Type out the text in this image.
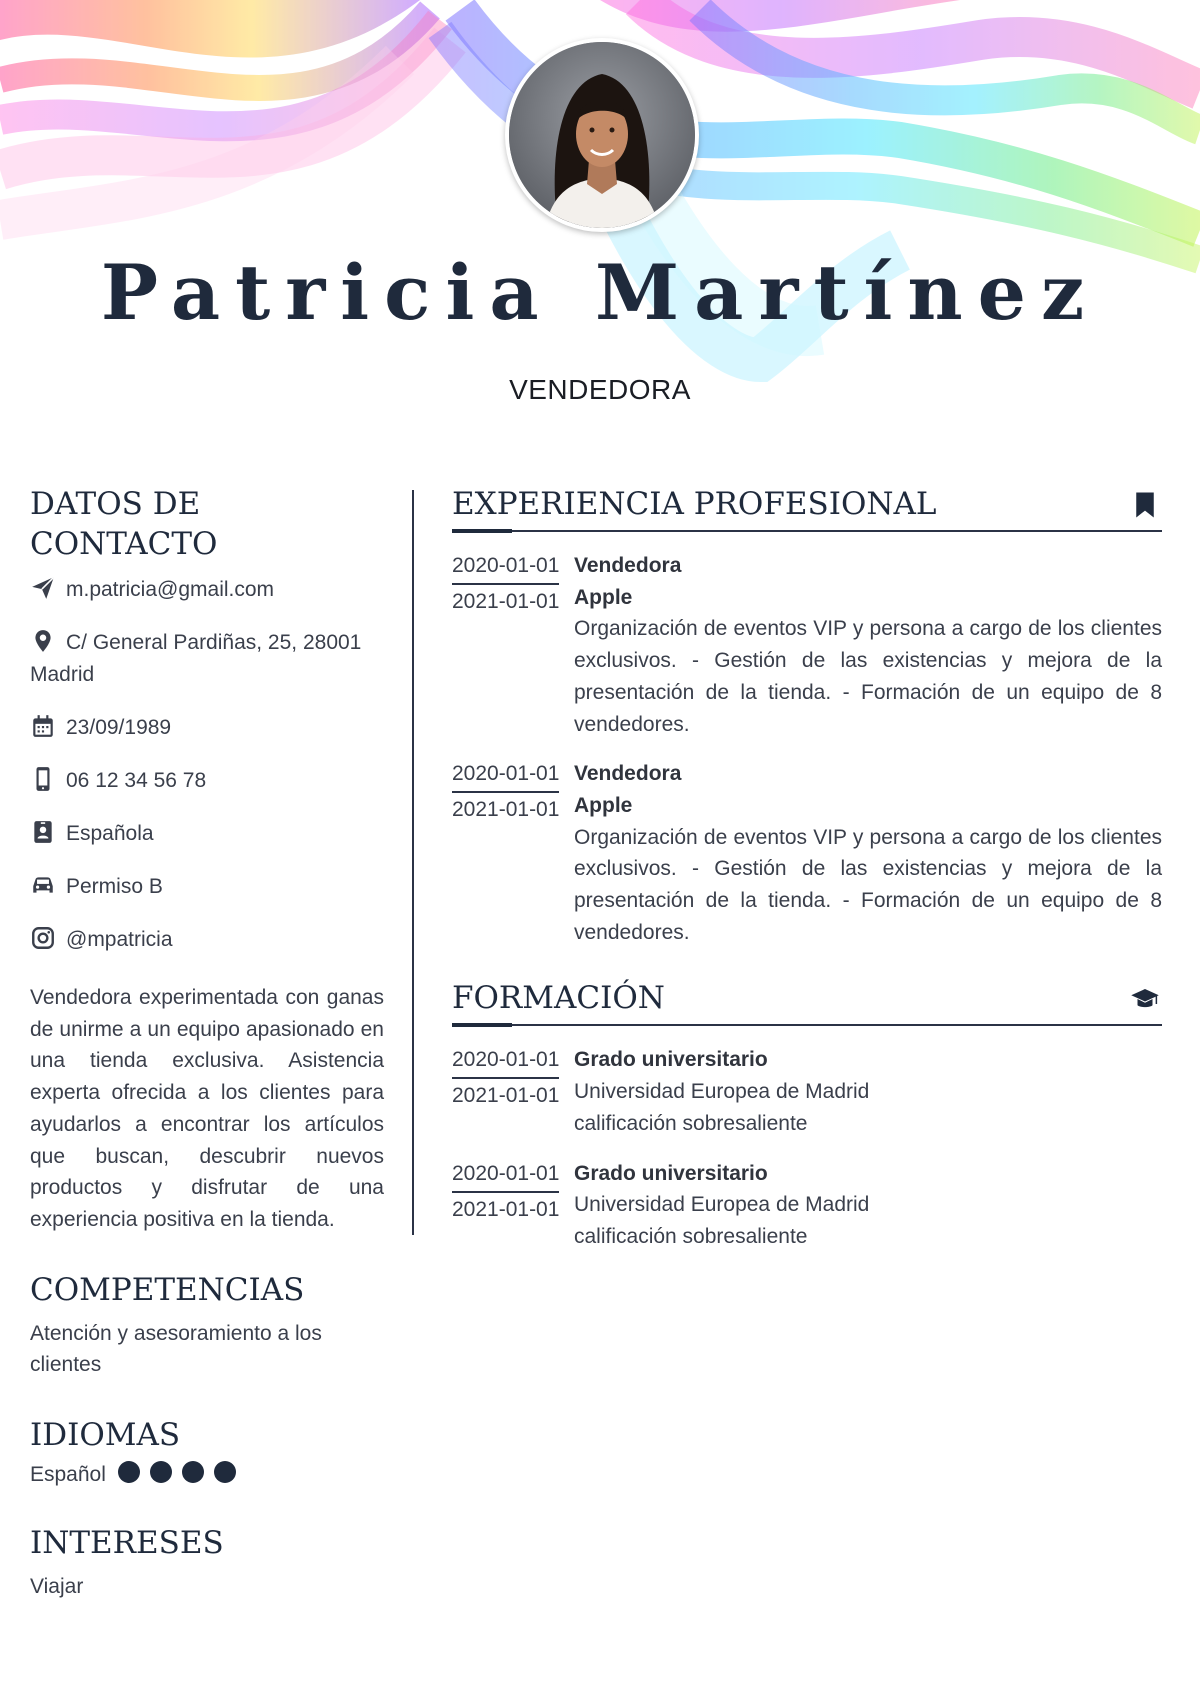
Patricia Martínez
VENDEDORA
DATOS DE CONTACTO
m.patricia@gmail.com
C/ General Pardiñas, 25, 28001 Madrid
23/09/1989
06 12 34 56 78
Española
Permiso B
@mpatricia

Vendedora experimentada con ganas de unirme a un equipo apasionado en una tienda exclusiva. Asistencia experta ofrecida a los clientes para ayudarlos a encontrar los artículos que buscan, descubrir nuevos productos y disfrutar de una experiencia positiva en la tienda.

COMPETENCIAS

Atención y asesoramiento a los clientes

IDIOMAS
Español
INTERESES

Viajar

EXPERIENCIA PROFESIONAL
2020-01-01
2021-01-01
Vendedora
Apple

Organización de eventos VIP y persona a cargo de los clientes exclusivos. - Gestión de las existencias y mejora de la presentación de la tienda. - Formación de un equipo de 8 vendedores.

2020-01-01
2021-01-01
Vendedora
Apple

Organización de eventos VIP y persona a cargo de los clientes exclusivos. - Gestión de las existencias y mejora de la presentación de la tienda. - Formación de un equipo de 8 vendedores.

FORMACIÓN
2020-01-01
2021-01-01
Grado universitario
Universidad Europea de Madrid
calificación sobresaliente
2020-01-01
2021-01-01
Grado universitario
Universidad Europea de Madrid
calificación sobresaliente
